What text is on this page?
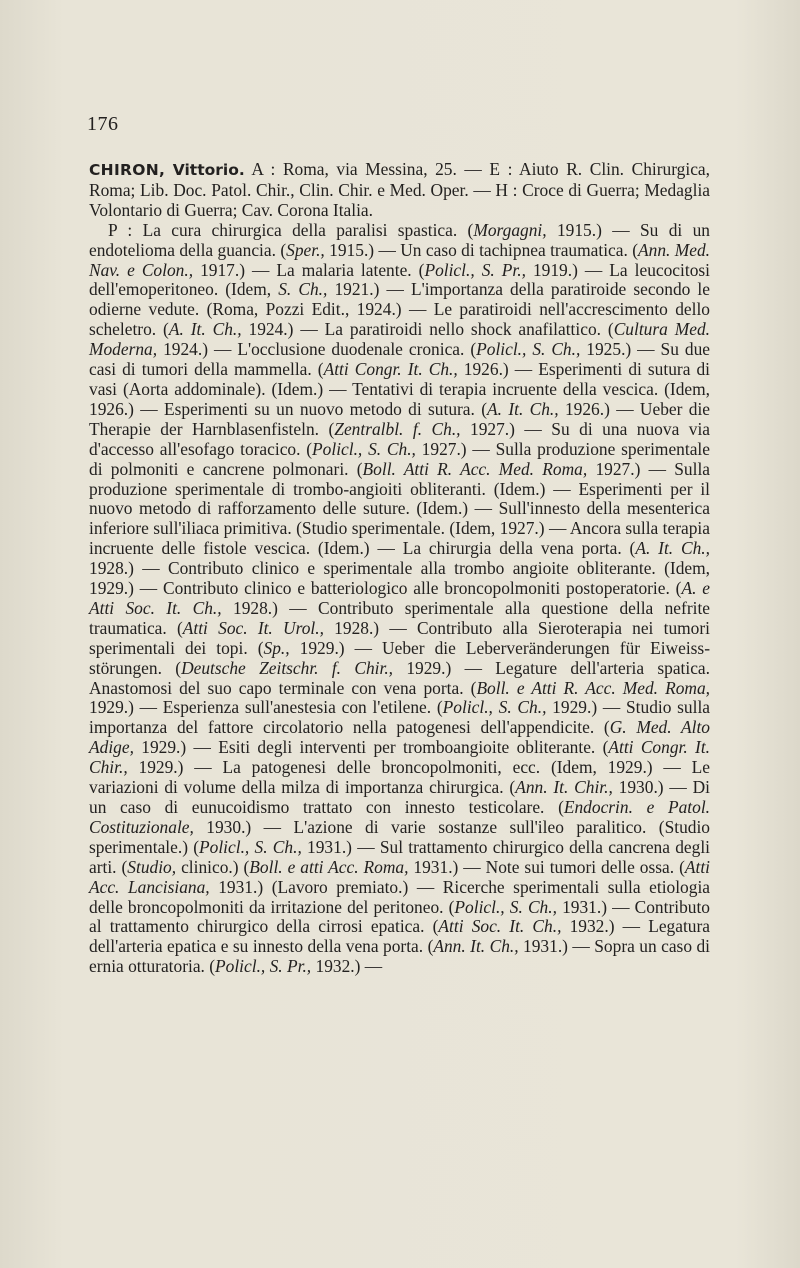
176

CHIRON, Vittorio. A : Roma, via Messina, 25. — E : Aiuto R. Clin. Chirurgica, Roma; Lib. Doc. Patol. Chir., Clin. Chir. e Med. Oper. — H : Croce di Guerra; Medaglia Volontario di Guerra; Cav. Corona Italia.

P : La cura chirurgica della paralisi spastica. (Morgagni, 1915.) — Su di un endotelioma della guancia. (Sper., 1915.) — Un caso di tachipnea traumatica. (Ann. Med. Nav. e Colon., 1917.) — La malaria latente. (Policl., S. Pr., 1919.) — La leucocitosi dell'emoperitoneo. (Idem, S. Ch., 1921.) — L'importanza della paratiroide secondo le odierne vedute. (Roma, Pozzi Edit., 1924.) — Le paratiroidi nell'accrescimento dello scheletro. (A. It. Ch., 1924.) — La paratiroidi nello shock anafilattico. (Cultura Med. Moderna, 1924.) — L'occlusione duodenale cronica. (Policl., S. Ch., 1925.) — Su due casi di tumori della mammella. (Atti Congr. It. Ch., 1926.) — Esperimenti di sutura di vasi (Aorta addominale). (Idem.) — Tentativi di terapia incruente della vescica. (Idem, 1926.) — Esperimenti su un nuovo metodo di sutura. (A. It. Ch., 1926.) — Ueber die Therapie der Harnblasenfisteln. (Zentralbl. f. Ch., 1927.) — Su di una nuova via d'accesso all'esofago toracico. (Policl., S. Ch., 1927.) — Sulla produzione sperimentale di polmoniti e cancrene polmonari. (Boll. Atti R. Acc. Med. Roma, 1927.) — Sulla produzione sperimentale di trombo-angioiti obliteranti. (Idem.) — Esperimenti per il nuovo metodo di rafforzamento delle suture. (Idem.) — Sull'innesto della mesenterica inferiore sull'iliaca primitiva. (Studio sperimentale. (Idem, 1927.) — Ancora sulla terapia incruente delle fistole vescica. (Idem.) — La chirurgia della vena porta. (A. It. Ch., 1928.) — Contributo clinico e sperimentale alla trombo angioite obliterante. (Idem, 1929.) — Contributo clinico e batteriologico alle broncopolmoniti postoperatorie. (A. e Atti Soc. It. Ch., 1928.) — Contributo sperimentale alla questione della nefrite traumatica. (Atti Soc. It. Urol., 1928.) — Contributo alla Sieroterapia nei tumori sperimentali dei topi. (Sp., 1929.) — Ueber die Leberveränderungen für Eiweissstörungen. (Deutsche Zeitschr. f. Chir., 1929.) — Legature dell'arteria spatica. Anastomosi del suo capo terminale con vena porta. (Boll. e Atti R. Acc. Med. Roma, 1929.) — Esperienza sull'anestesia con l'etilene. (Policl., S. Ch., 1929.) — Studio sulla importanza del fattore circolatorio nella patogenesi dell'appendicite. (G. Med. Alto Adige, 1929.) — Esiti degli interventi per tromboangioite obliterante. (Atti Congr. It. Chir., 1929.) — La patogenesi delle broncopolmoniti, ecc. (Idem, 1929.) — Le variazioni di volume della milza di importanza chirurgica. (Ann. It. Chir., 1930.) — Di un caso di eunucoidismo trattato con innesto testicolare. (Endocrin. e Patol. Costituzionale, 1930.) — L'azione di varie sostanze sull'ileo paralitico. (Studio sperimentale.) (Policl., S. Ch., 1931.) — Sul trattamento chirurgico della cancrena degli arti. (Studio, clinico.) (Boll. e atti Acc. Roma, 1931.) — Note sui tumori delle ossa. (Atti Acc. Lancisiana, 1931.) (Lavoro premiato.) — Ricerche sperimentali sulla etiologia delle broncopolmoniti da irritazione del peritoneo. (Policl., S. Ch., 1931.) — Contributo al trattamento chirurgico della cirrosi epatica. (Atti Soc. It. Ch., 1932.) — Legatura dell'arteria epatica e su innesto della vena porta. (Ann. It. Ch., 1931.) — Sopra un caso di ernia otturatoria. (Policl., S. Pr., 1932.) —
